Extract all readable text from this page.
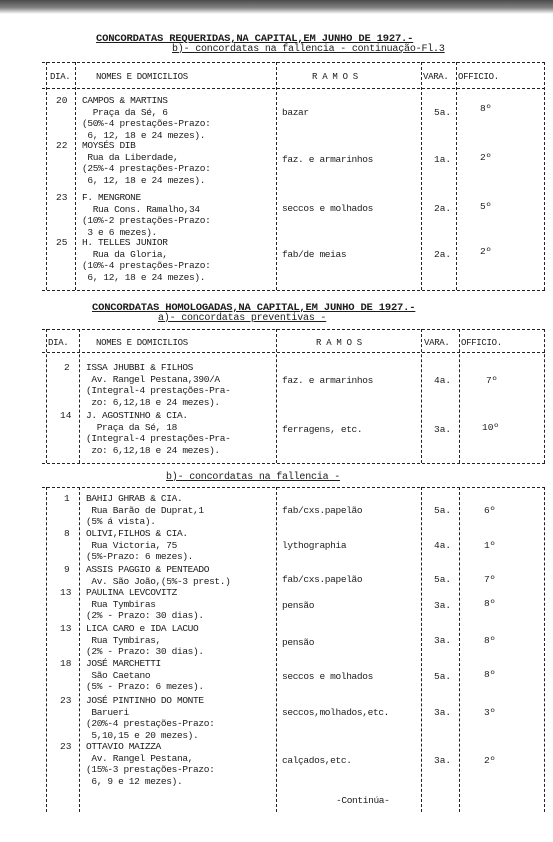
CONCORDATAS REQUERIDAS,NA CAPITAL,EM JUNHO DE 1927.-
b)- concordatas na fallencia - continuação-Fl.3
DIA.	NOMES E DOMICILIOS	R A M O S	VARA. OFFICIO.
20 CAMPOS & MARTINS
Praça da Sé, 6
(50%-4 prestações-Prazo:
6, 12, 18 e 24 mezes).
bazar	5a.	8º
22 MOYSÉS DIB
Rua da Liberdade,
(25%-4 prestações-Prazo:
6, 12, 18 e 24 mezes).
faz. e armarinhos	1a.	2º
23 F. MENGRONE
Rua Cons. Ramalho,34
(10%-2 prestações-Prazo:
3 e 6 mezes).
seccos e molhados	2a.	5º
25 H. TELLES JUNIOR
Rua da Gloria,
(10%-4 prestações-Prazo:
6, 12, 18 e 24 mezes).
fab/de meias	2a.	2º
CONCORDATAS HOMOLOGADAS,NA CAPITAL,EM JUNHO DE 1927.-
a)- concordatas preventivas -
DIA.	NOMES E DOMICILIOS	R A M O S	VARA. OFFICIO.
2 ISSA JHUBBI & FILHOS
Av. Rangel Pestana,390/A
(Integral-4 prestações-Pra-
zo: 6,12,18 e 24 mezes).
faz. e armarinhos	4a.	7º
14 J. AGOSTINHO & CIA.
Praça da Sé, 18
(Integral-4 prestações-Pra-
zo: 6,12,18 e 24 mezes).
ferragens, etc.	3a.	10º
b)- concordatas na fallencia -
1 BAHIJ GHRAB & CIA.
Rua Barão de Duprat,1
(5% á vista).
fab/cxs.papelão	5a.	6º
8 OLIVI,FILHOS & CIA.
Rua Victoria, 75
(5%-Prazo: 6 mezes).
lythographia	4a.	1º
9 ASSIS PAGGIO & PENTEADO
Av. São João,(5%-3 prest.)	fab/cxs.papelão	5a.	7º
13 PAULINA LEVCOVITZ
Rua Tymbiras
(2% - Prazo: 30 dias).
pensão	3a.	8º
13 LICA CARO e IDA LACUO
Rua Tymbiras,
(2% - Prazo: 30 dias).
pensão	3a.	8º
18 JOSÉ MARCHETTI
São Caetano
(5% - Prazo: 6 mezes).
seccos e molhados	5a.	8º
23 JOSÉ PINTINHO DO MONTE
Barueri
(20%-4 prestações-Prazo:
5,10,15 e 20 mezes).
seccos,molhados,etc.	3a.	3º
23 OTTAVIO MAIZZA
Av. Rangel Pestana,
(15%-3 prestações-Prazo:
6, 9 e 12 mezes).
calçados,etc.	3a.	2º
-Continúa-
